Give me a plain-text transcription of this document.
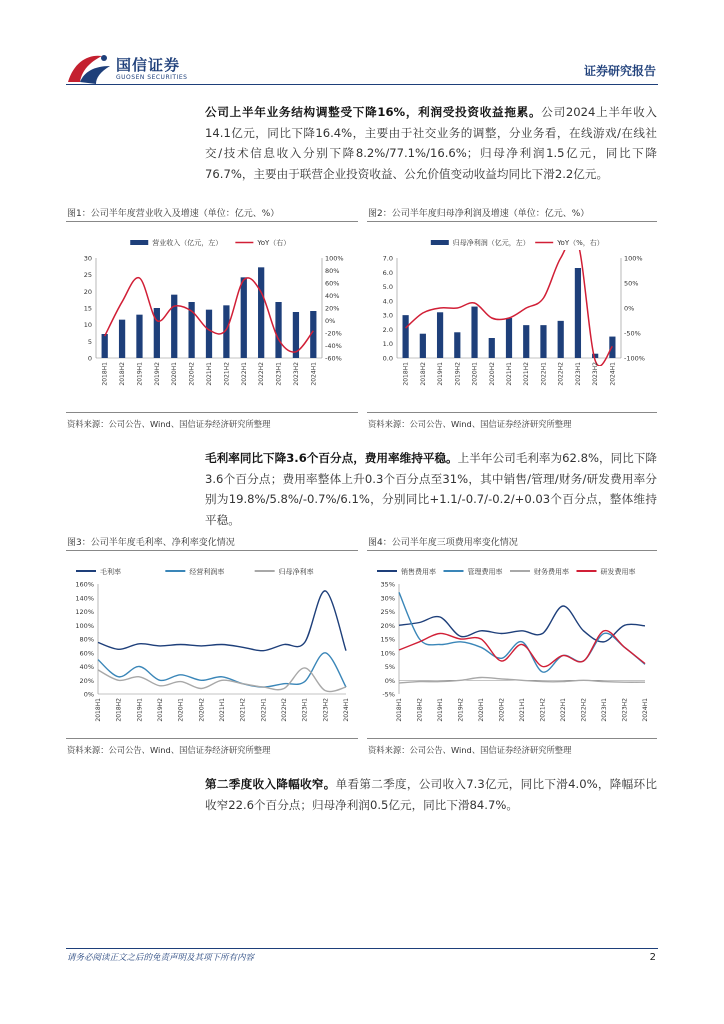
国信证券
GUOSEN SECURITIES	证券研究报告

公司上半年业务结构调整受下降16%，利润受投资收益拖累。公司2024上半年收入14.1亿元，同比下降16.4%，主要由于社交业务的调整，分业务看，在线游戏/在线社交/技术信息收入分别下降8.2%/77.1%/16.6%；归母净利润1.5亿元，同比下降76.7%，主要由于联营企业投资收益、公允价值变动收益均同比下滑2.2亿元。

图1：公司半年度营业收入及增速（单位：亿元、%）
营业收入（亿元，左）	YoY（右）
30
25
20
15
10
5
0
100%
80%
60%
40%
20%
0%
-20%
-40%
-60%
2018H1 2018H2 2019H1 2019H2 2020H1 2020H2 2021H1 2021H2 2022H1 2022H2 2023H1 2023H2 2024H1
资料来源：公司公告、Wind、国信证券经济研究所整理
图2：公司半年度归母净利润及增速（单位：亿元、%）
归母净利润（亿元，左）	YoY（%，右）
7.0
6.0
5.0
4.0
3.0
2.0
1.0
0.0
100%
50%
0%
-50%
-100%
2018H1 2018H2 2019H1 2019H2 2020H1 2020H2 2021H1 2021H2 2022H1 2022H2 2023H1 2023H2 2024H1
资料来源：公司公告、Wind、国信证券经济研究所整理

毛利率同比下降3.6个百分点，费用率维持平稳。上半年公司毛利率为62.8%，同比下降3.6个百分点；费用率整体上升0.3个百分点至31%，其中销售/管理/财务/研发费用率分别为19.8%/5.8%/-0.7%/6.1%，分别同比+1.1/-0.7/-0.2/+0.03个百分点，整体维持平稳。

图3：公司半年度毛利率、净利率变化情况
毛利率	经营利润率	归母净利率
160%
140%
120%
100%
80%
60%
40%
20%
0%
2018H1 2018H2 2019H1 2019H2 2020H1 2020H2 2021H1 2021H2 2022H1 2022H2 2023H1 2023H2 2024H1
资料来源：公司公告、Wind、国信证券经济研究所整理
图4：公司半年度三项费用率变化情况
销售费用率	管理费用率	财务费用率	研发费用率
35%
30%
25%
20%
15%
10%
5%
0%
-5%
2018H1 2018H2 2019H1 2019H2 2020H1 2020H2 2021H1 2021H2 2022H1 2022H2 2023H1 2023H2 2024H1
资料来源：公司公告、Wind、国信证券经济研究所整理

第二季度收入降幅收窄。单看第二季度，公司收入7.3亿元，同比下滑4.0%，降幅环比收窄22.6个百分点；归母净利润0.5亿元，同比下滑84.7%。

请务必阅读正文之后的免责声明及其项下所有内容	2
